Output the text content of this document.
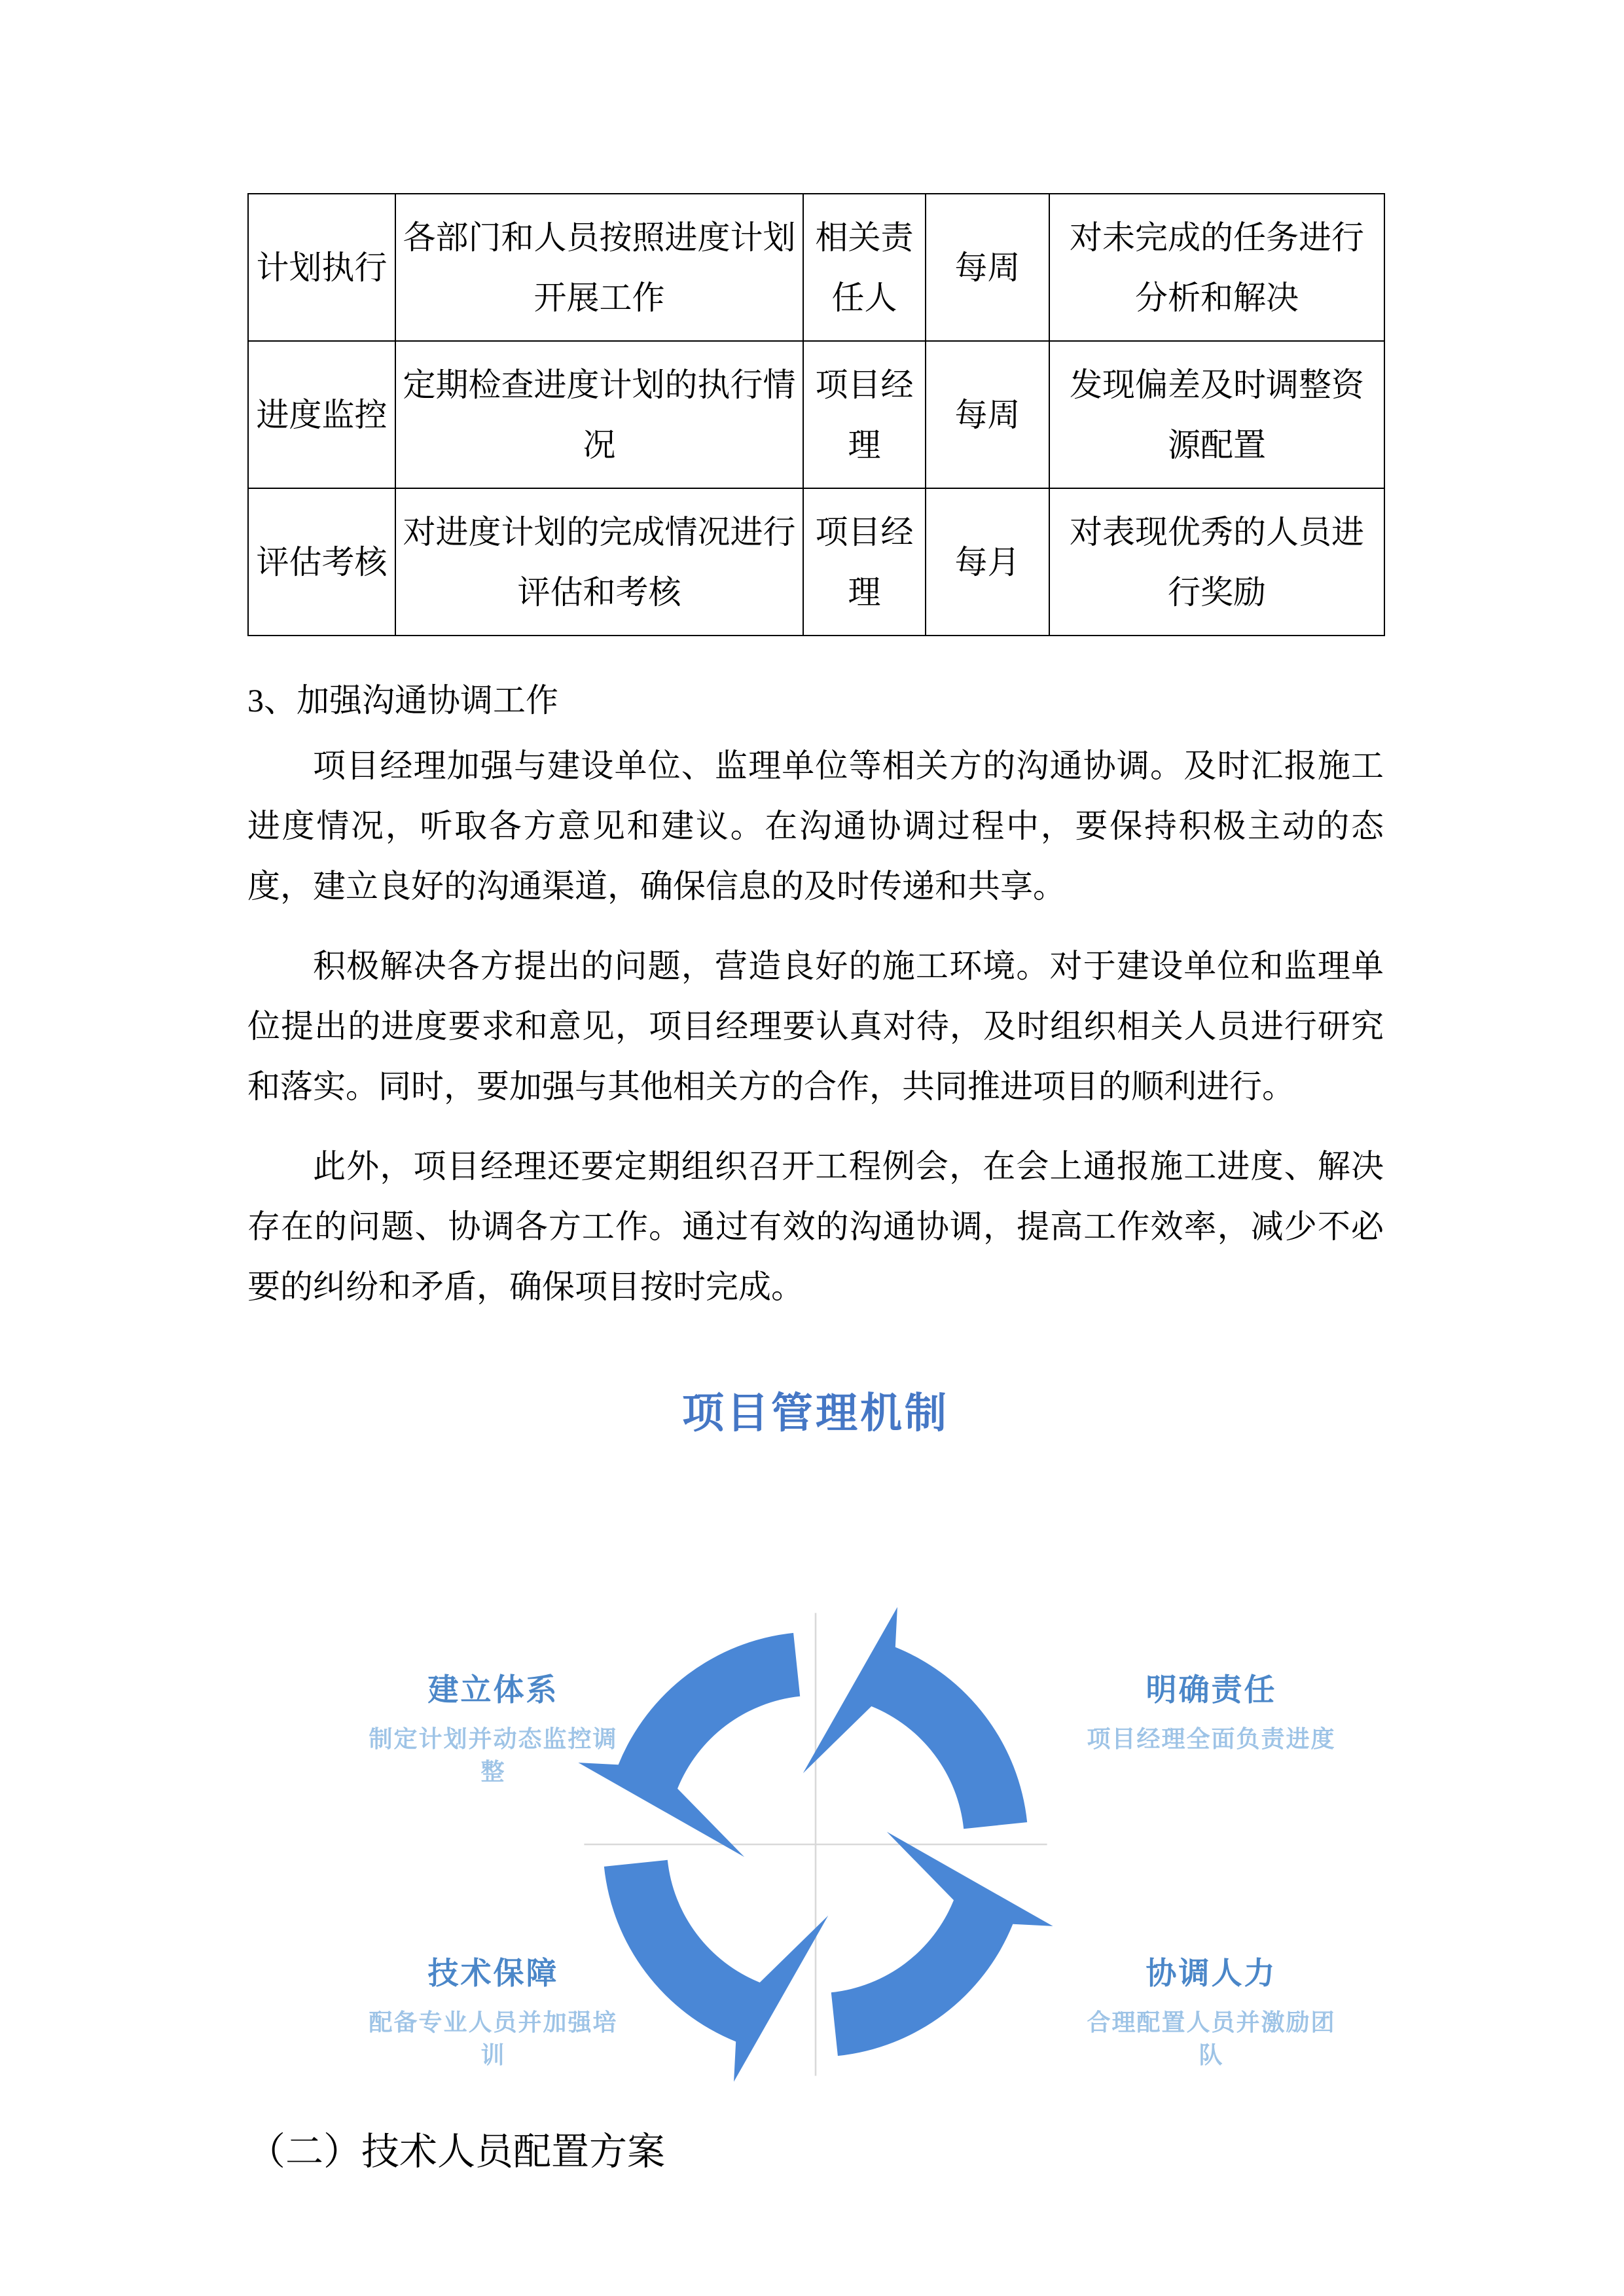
计划执行	各部门和人员按照进度计划开展工作	相关责任人	每周	对未完成的任务进行分析和解决
进度监控	定期检查进度计划的执行情况	项目经理	每周	发现偏差及时调整资源配置
评估考核	对进度计划的完成情况进行评估和考核	项目经理	每月	对表现优秀的人员进行奖励

3、加强沟通协调工作

项目经理加强与建设单位、监理单位等相关方的沟通协调。及时汇报施工进度情况，听取各方意见和建议。在沟通协调过程中，要保持积极主动的态度，建立良好的沟通渠道，确保信息的及时传递和共享。

积极解决各方提出的问题，营造良好的施工环境。对于建设单位和监理单位提出的进度要求和意见，项目经理要认真对待，及时组织相关人员进行研究和落实。同时，要加强与其他相关方的合作，共同推进项目的顺利进行。

此外，项目经理还要定期组织召开工程例会，在会上通报施工进度、解决存在的问题、协调各方工作。通过有效的沟通协调，提高工作效率，减少不必要的纠纷和矛盾，确保项目按时完成。

项目管理机制
建立体系
制定计划并动态监控调整
明确责任
项目经理全面负责进度
技术保障
配备专业人员并加强培训
协调人力
合理配置人员并激励团队

（二）技术人员配置方案
